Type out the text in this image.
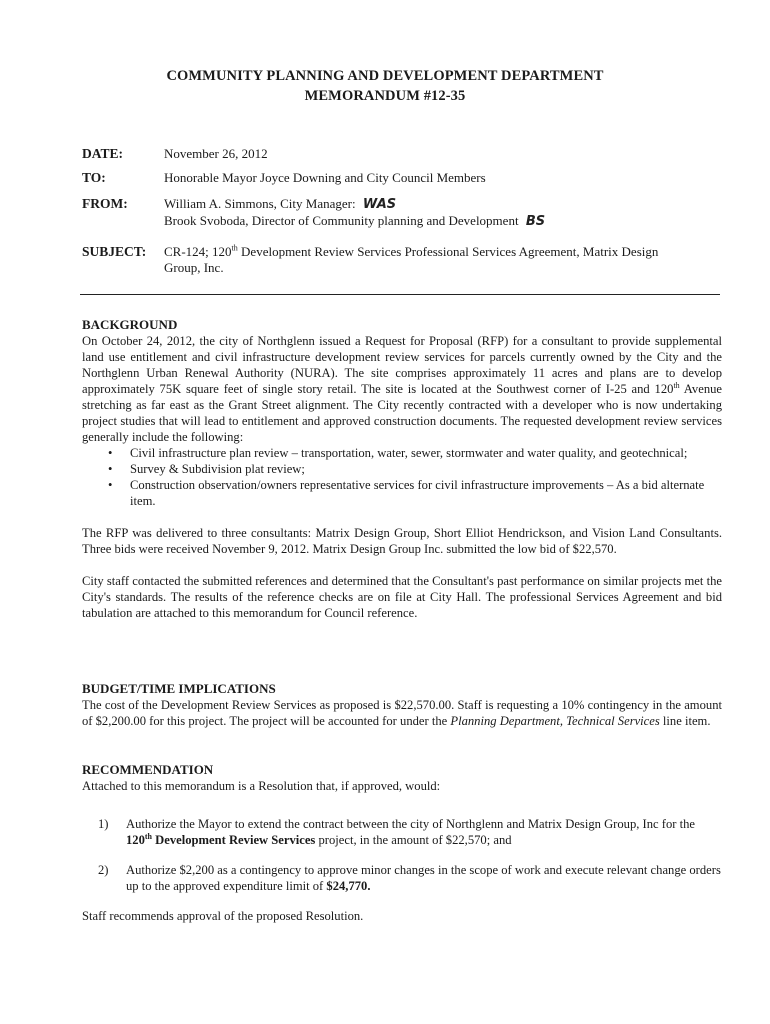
COMMUNITY PLANNING AND DEVELOPMENT DEPARTMENT
MEMORANDUM #12-35
DATE:	November 26, 2012
TO:	Honorable Mayor Joyce Downing and City Council Members
FROM:	William A. Simmons, City Manager: WAS
Brook Svoboda, Director of Community planning and Development BS
SUBJECT: CR-124; 120th Development Review Services Professional Services Agreement, Matrix Design Group, Inc.

BACKGROUND

On October 24, 2012, the city of Northglenn issued a Request for Proposal (RFP) for a consultant to provide supplemental land use entitlement and civil infrastructure development review services for parcels currently owned by the City and the Northglenn Urban Renewal Authority (NURA). The site comprises approximately 11 acres and plans are to develop approximately 75K square feet of single story retail. The site is located at the Southwest corner of I-25 and 120th Avenue stretching as far east as the Grant Street alignment. The City recently contracted with a developer who is now undertaking project studies that will lead to entitlement and approved construction documents. The requested development review services generally include the following:

• Civil infrastructure plan review – transportation, water, sewer, stormwater and water quality, and geotechnical;
• Survey & Subdivision plat review;
• Construction observation/owners representative services for civil infrastructure improvements – As a bid alternate item.

The RFP was delivered to three consultants: Matrix Design Group, Short Elliot Hendrickson, and Vision Land Consultants. Three bids were received November 9, 2012. Matrix Design Group Inc. submitted the low bid of $22,570.

City staff contacted the submitted references and determined that the Consultant's past performance on similar projects met the City's standards. The results of the reference checks are on file at City Hall. The professional Services Agreement and bid tabulation are attached to this memorandum for Council reference.

BUDGET/TIME IMPLICATIONS

The cost of the Development Review Services as proposed is $22,570.00. Staff is requesting a 10% contingency in the amount of $2,200.00 for this project. The project will be accounted for under the Planning Department, Technical Services line item.

RECOMMENDATION

Attached to this memorandum is a Resolution that, if approved, would:

1) Authorize the Mayor to extend the contract between the city of Northglenn and Matrix Design Group, Inc for the 120th Development Review Services project, in the amount of $22,570; and
2) Authorize $2,200 as a contingency to approve minor changes in the scope of work and execute relevant change orders up to the approved expenditure limit of $24,770.

Staff recommends approval of the proposed Resolution.
